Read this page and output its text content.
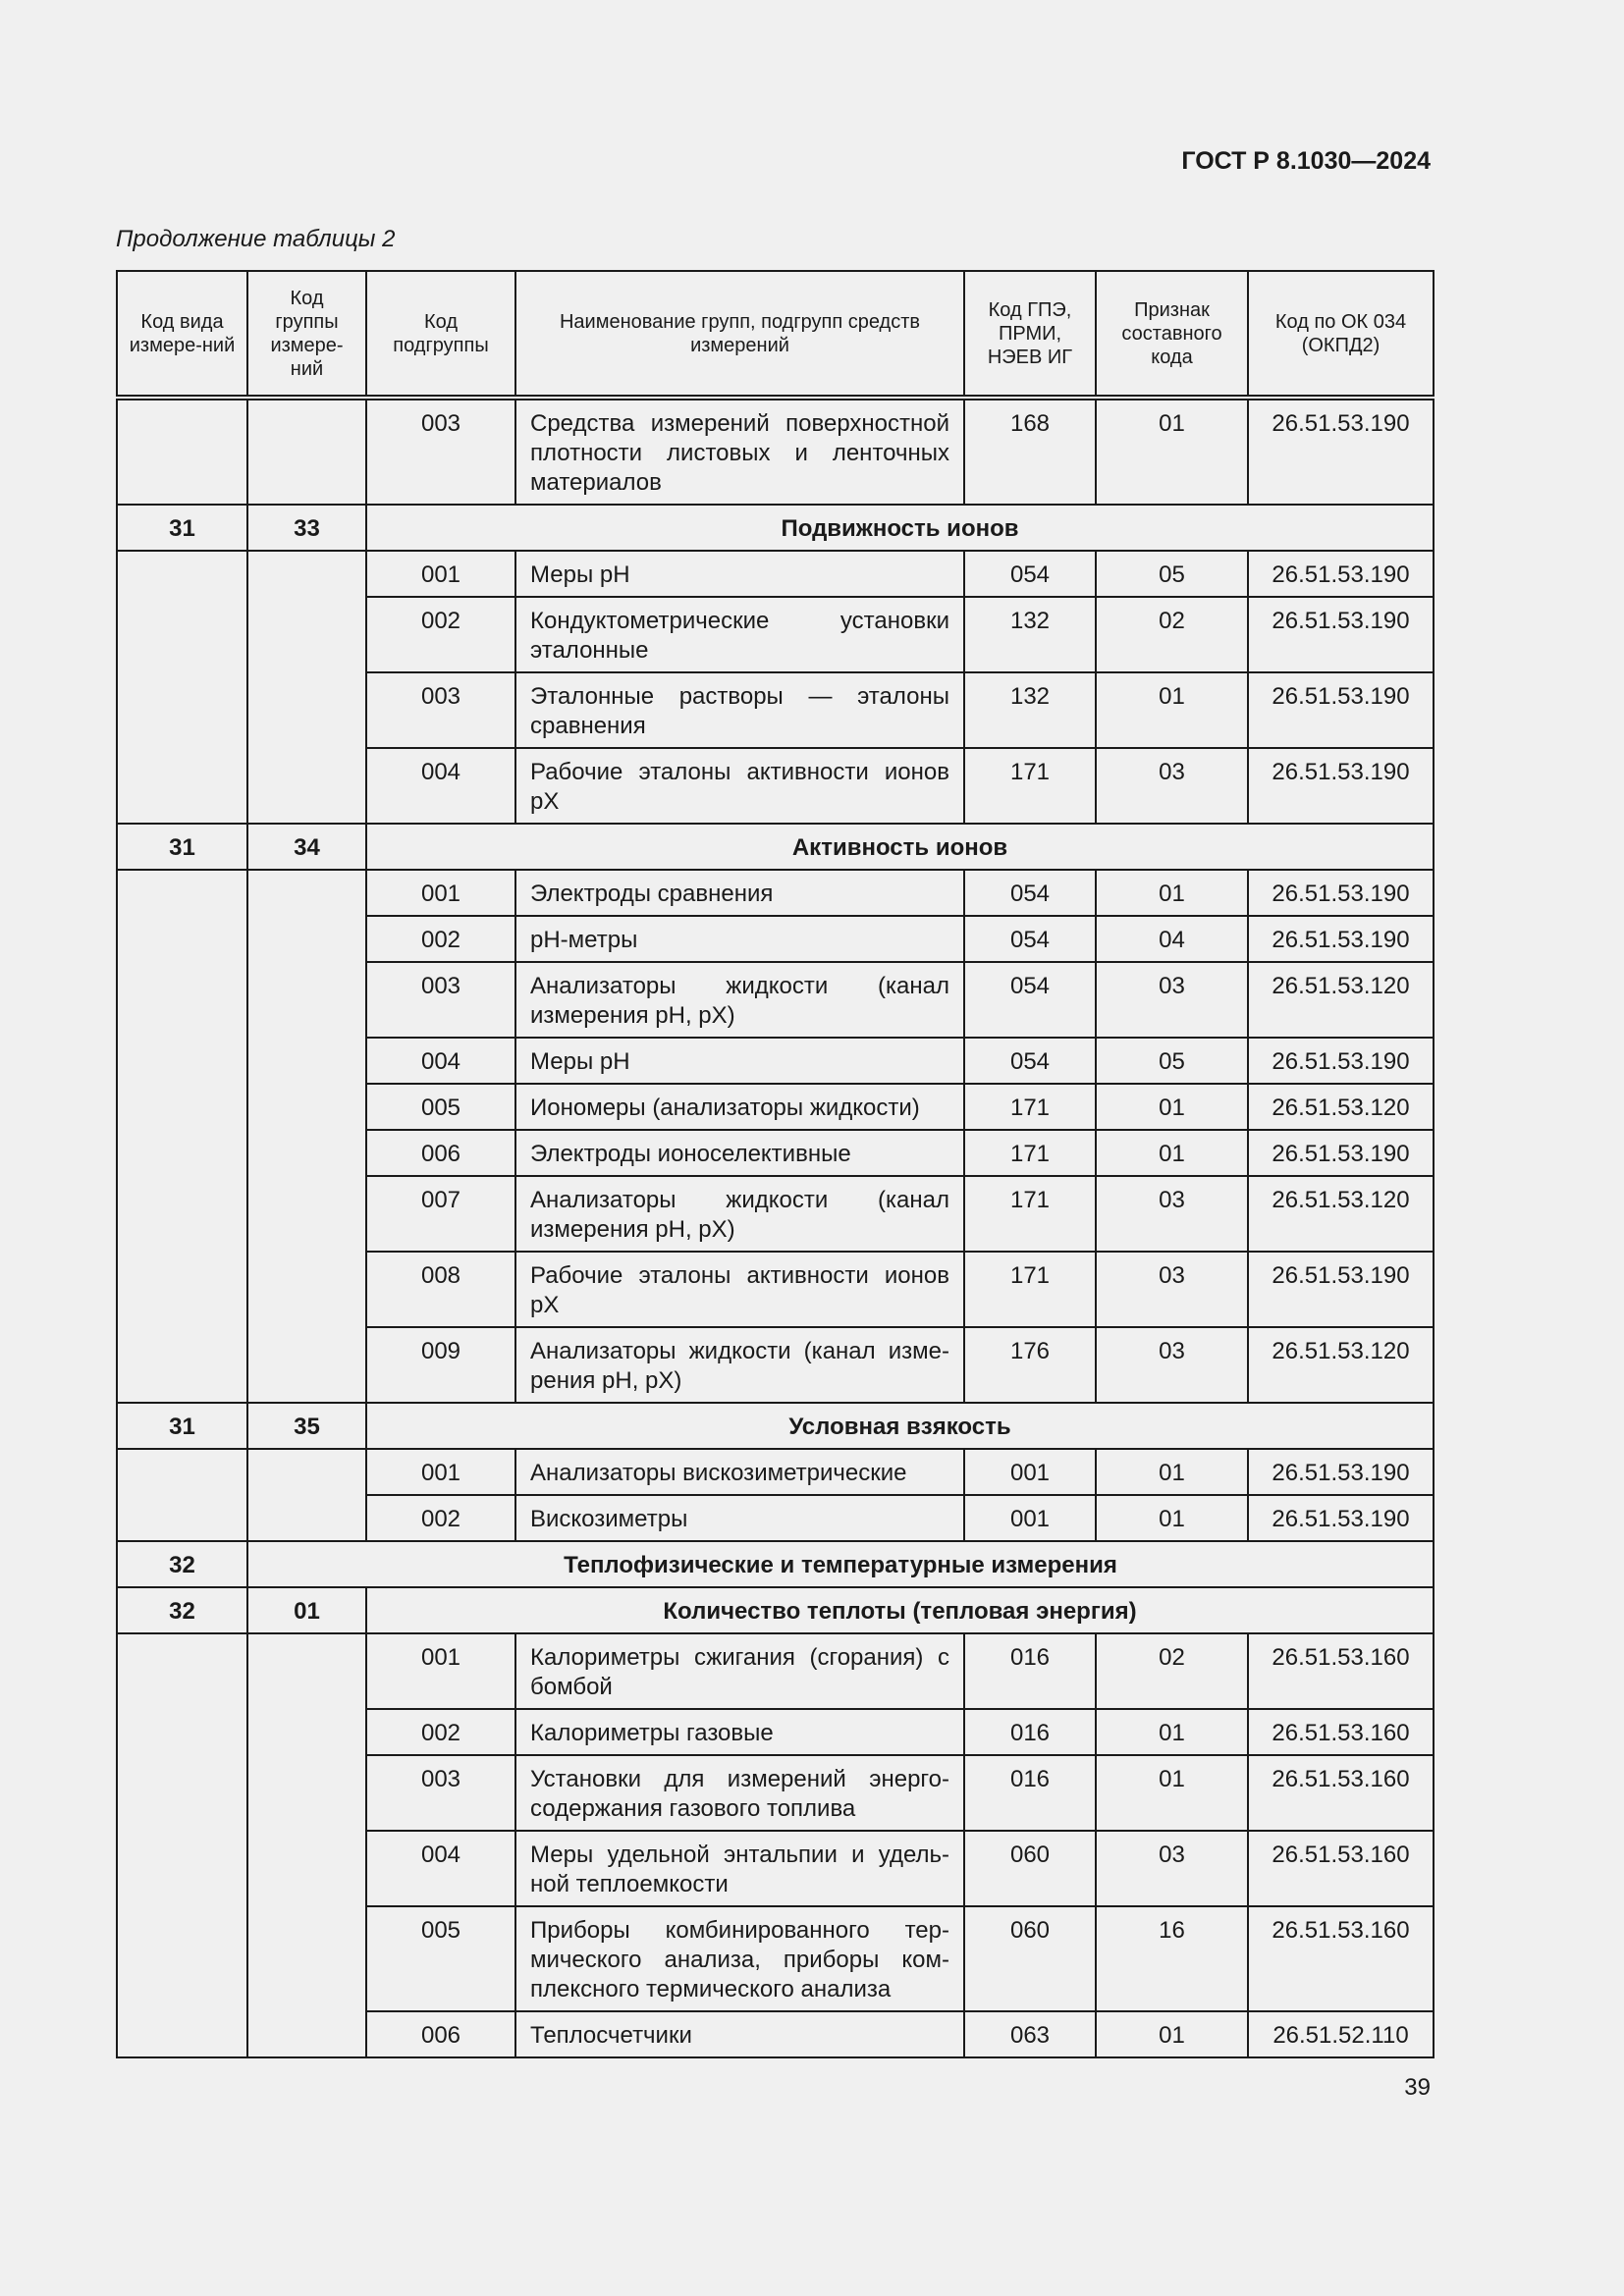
ГОСТ Р 8.1030—2024
Продолжение таблицы 2
Код вида измере-ний	Код группы измере-ний	Код подгруппы	Наименование групп, подгрупп средств измерений	Код ГПЭ, ПРМИ, НЭЕВ ИГ	Признак составного кода	Код по ОК 034 (ОКПД2)
		003	Средства измерений поверхностной плотности листовых и ленточных материалов	168	01	26.51.53.190
31	33	Подвижность ионов				
		001	Меры рН	054	05	26.51.53.190
		002	Кондуктометрические установки эталонные	132	02	26.51.53.190
		003	Эталонные растворы — эталоны сравнения	132	01	26.51.53.190
		004	Рабочие эталоны активности ионов рХ	171	03	26.51.53.190
31	34	Активность ионов				
		001	Электроды сравнения	054	01	26.51.53.190
		002	рН-метры	054	04	26.51.53.190
		003	Анализаторы жидкости (канал измерения рН, рХ)	054	03	26.51.53.120
		004	Меры рН	054	05	26.51.53.190
		005	Иономеры (анализаторы жидкости)	171	01	26.51.53.120
		006	Электроды ионоселективные	171	01	26.51.53.190
		007	Анализаторы жидкости (канал измерения рН, рХ)	171	03	26.51.53.120
		008	Рабочие эталоны активности ионов рХ	171	03	26.51.53.190
		009	Анализаторы жидкости (канал изме-рения рН, рХ)	176	03	26.51.53.120
31	35	Условная взякость				
		001	Анализаторы вискозиметрические	001	01	26.51.53.190
		002	Вискозиметры	001	01	26.51.53.190
32	Теплофизические и температурные измерения					
32	01	Количество теплоты (тепловая энергия)				
		001	Калориметры сжигания (сгорания) с бомбой	016	02	26.51.53.160
		002	Калориметры газовые	016	01	26.51.53.160
		003	Установки для измерений энерго-содержания газового топлива	016	01	26.51.53.160
		004	Меры удельной энтальпии и удель-ной теплоемкости	060	03	26.51.53.160
		005	Приборы комбинированного тер-мического анализа, приборы ком-плексного термического анализа	060	16	26.51.53.160
		006	Теплосчетчики	063	01	26.51.52.110
39
